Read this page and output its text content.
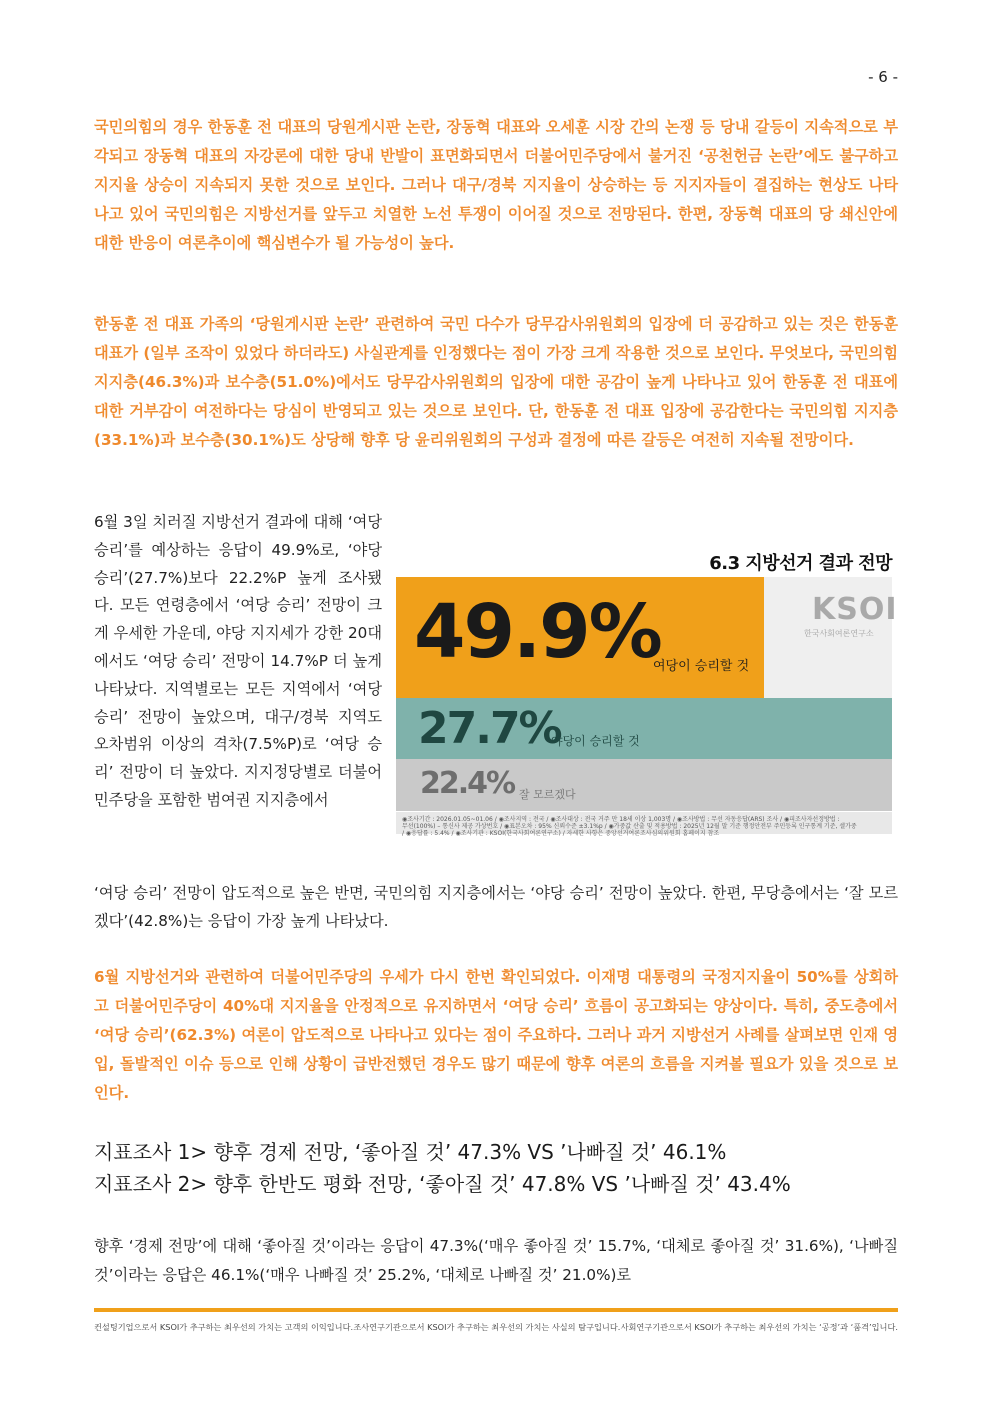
- 6 -

국민의힘의 경우 한동훈 전 대표의 당원게시판 논란, 장동혁 대표와 오세훈 시장 간의 논쟁 등 당내 갈등이 지속적으로 부각되고 장동혁 대표의 자강론에 대한 당내 반발이 표면화되면서 더불어민주당에서 불거진 ‘공천헌금 논란’에도 불구하고 지지율 상승이 지속되지 못한 것으로 보인다. 그러나 대구/경북 지지율이 상승하는 등 지지자들이 결집하는 현상도 나타나고 있어 국민의힘은 지방선거를 앞두고 치열한 노선 투쟁이 이어질 것으로 전망된다. 한편, 장동혁 대표의 당 쇄신안에 대한 반응이 여론추이에 핵심변수가 될 가능성이 높다.

한동훈 전 대표 가족의 ‘당원게시판 논란’ 관련하여 국민 다수가 당무감사위원회의 입장에 더 공감하고 있는 것은 한동훈 대표가 (일부 조작이 있었다 하더라도) 사실관계를 인정했다는 점이 가장 크게 작용한 것으로 보인다. 무엇보다, 국민의힘 지지층(46.3%)과 보수층(51.0%)에서도 당무감사위원회의 입장에 대한 공감이 높게 나타나고 있어 한동훈 전 대표에 대한 거부감이 여전하다는 당심이 반영되고 있는 것으로 보인다. 단, 한동훈 전 대표 입장에 공감한다는 국민의힘 지지층(33.1%)과 보수층(30.1%)도 상당해 향후 당 윤리위원회의 구성과 결정에 따른 갈등은 여전히 지속될 전망이다.

6월 3일 치러질 지방선거 결과에 대해 ‘여당 승리’를 예상하는 응답이 49.9%로, ‘야당 승리’(27.7%)보다 22.2%P 높게 조사됐다. 모든 연령층에서 ‘여당 승리’ 전망이 크게 우세한 가운데, 야당 지지세가 강한 20대에서도 ‘여당 승리’ 전망이 14.7%P 더 높게 나타났다. 지역별로는 모든 지역에서 ‘여당 승리’ 전망이 높았으며, 대구/경북 지역도 오차범위 이상의 격차(7.5%P)로 ‘여당 승리’ 전망이 더 높았다. 지지정당별로 더불어민주당을 포함한 범여권 지지층에서

‘여당 승리’ 전망이 압도적으로 높은 반면, 국민의힘 지지층에서는 ‘야당 승리’ 전망이 높았다. 한편, 무당층에서는 ‘잘 모르겠다’(42.8%)는 응답이 가장 높게 나타났다.

6.3 지방선거 결과 전망
KSOI
한국사회여론연구소
49.9%
여당이 승리할 것
27.7%
야당이 승리할 것
22.4% 잘 모르겠다
◉조사기간 : 2026.01.05~01.06 / ◉조사지역 : 전국 / ◉조사대상 : 전국 거주 만 18세 이상 1,003명 / ◉조사방법 : 무선 자동응답(ARS) 조사 / ◉피조사자선정방법 :
무선(100%) – 통신사 제공 가상번호 / ◉표본오차 : 95% 신뢰수준 ±3.1%p / ◉가중값 산출 및 적용방법 : 2025년 12월 말 기준 행정안전부 주민등록 인구통계 기준, 셀가중
/ ◉응답률 : 5.4% / ◉조사기관 : KSOI(한국사회여론연구소) / 자세한 사항은 중앙선거여론조사심의위원회 홈페이지 참조

6월 지방선거와 관련하여 더불어민주당의 우세가 다시 한번 확인되었다. 이재명 대통령의 국정지지율이 50%를 상회하고 더불어민주당이 40%대 지지율을 안정적으로 유지하면서 ‘여당 승리’ 흐름이 공고화되는 양상이다. 특히, 중도층에서 ‘여당 승리’(62.3%) 여론이 압도적으로 나타나고 있다는 점이 주요하다. 그러나 과거 지방선거 사례를 살펴보면 인재 영입, 돌발적인 이슈 등으로 인해 상황이 급반전했던 경우도 많기 때문에 향후 여론의 흐름을 지켜볼 필요가 있을 것으로 보인다.

지표조사 1> 향후 경제 전망, ‘좋아질 것’ 47.3% VS ’나빠질 것’ 46.1%

지표조사 2> 향후 한반도 평화 전망, ‘좋아질 것’ 47.8% VS ’나빠질 것’ 43.4%

향후 ‘경제 전망’에 대해 ‘좋아질 것’이라는 응답이 47.3%(‘매우 좋아질 것’ 15.7%, ‘대체로 좋아질 것’ 31.6%), ‘나빠질 것’이라는 응답은 46.1%(‘매우 나빠질 것’ 25.2%, ‘대체로 나빠질 것’ 21.0%)로

컨설팅기업으로서 KSOI가 추구하는 최우선의 가치는 고객의 이익입니다. 조사연구기관으로서 KSOI가 추구하는 최우선의 가치는 사실의 탐구입니다. 사회연구기관으로서 KSOI가 추구하는 최우선의 가치는 ‘공정’과 ‘품격’입니다.
